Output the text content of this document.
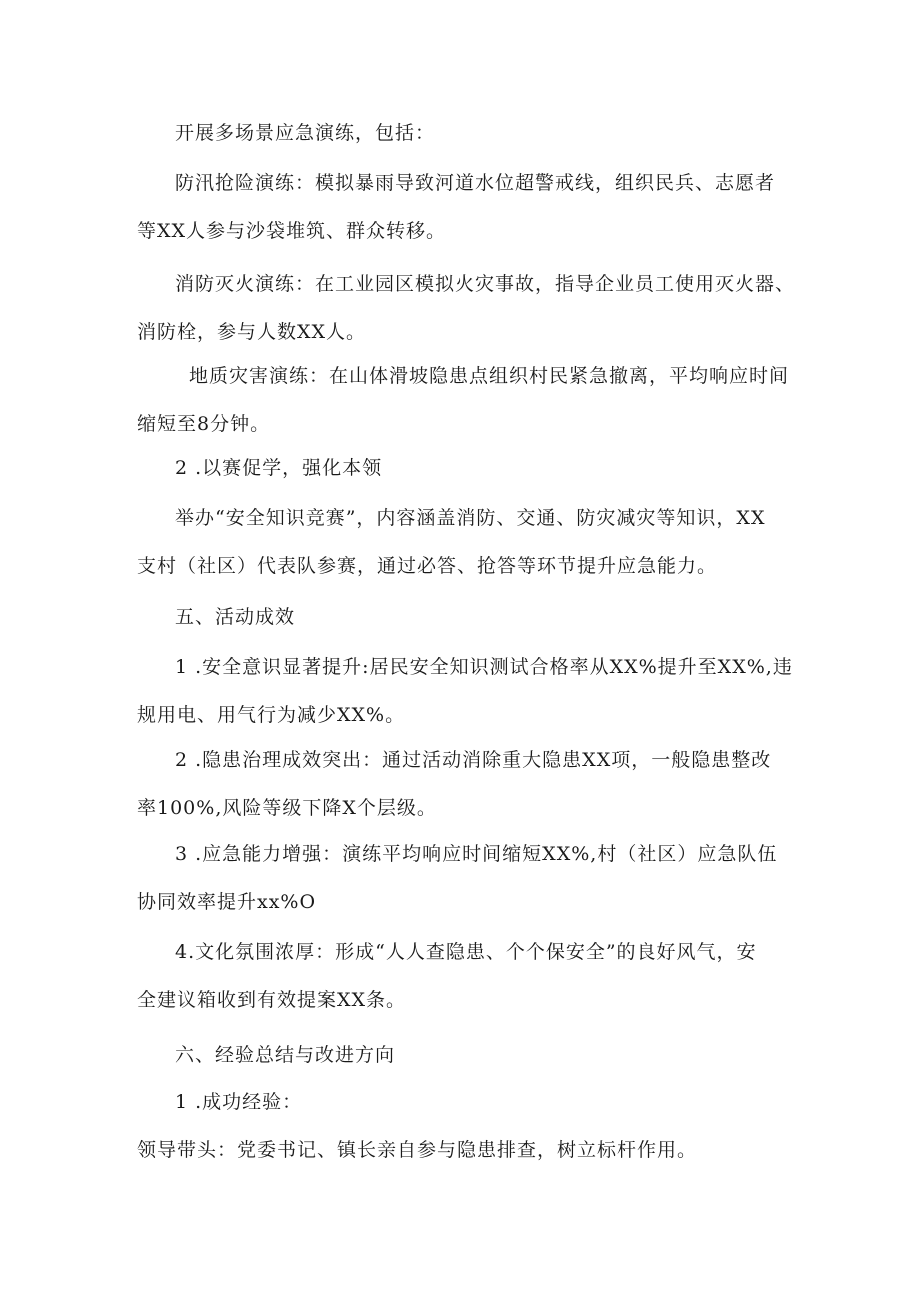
开展多场景应急演练，包括：
防汛抢险演练：模拟暴雨导致河道水位超警戒线，组织民兵、志愿者
等XX人参与沙袋堆筑、群众转移。
消防灭火演练：在工业园区模拟火灾事故，指导企业员工使用灭火器、
消防栓，参与人数XX人。
地质灾害演练：在山体滑坡隐患点组织村民紧急撤离，平均响应时间
缩短至8分钟。
2 .以赛促学，强化本领
举办“安全知识竞赛”，内容涵盖消防、交通、防灾减灾等知识，XX
支村（社区）代表队参赛，通过必答、抢答等环节提升应急能力。
五、活动成效
1 .安全意识显著提升:居民安全知识测试合格率从XX%提升至XX%,违
规用电、用气行为减少XX%。
2 .隐患治理成效突出：通过活动消除重大隐患XX项，一般隐患整改
率100%,风险等级下降X个层级。
3 .应急能力增强：演练平均响应时间缩短XX%,村（社区）应急队伍
协同效率提升xx%O
4.文化氛围浓厚：形成“人人查隐患、个个保安全”的良好风气，安
全建议箱收到有效提案XX条。
六、经验总结与改进方向
1 .成功经验：
领导带头：党委书记、镇长亲自参与隐患排查，树立标杆作用。
